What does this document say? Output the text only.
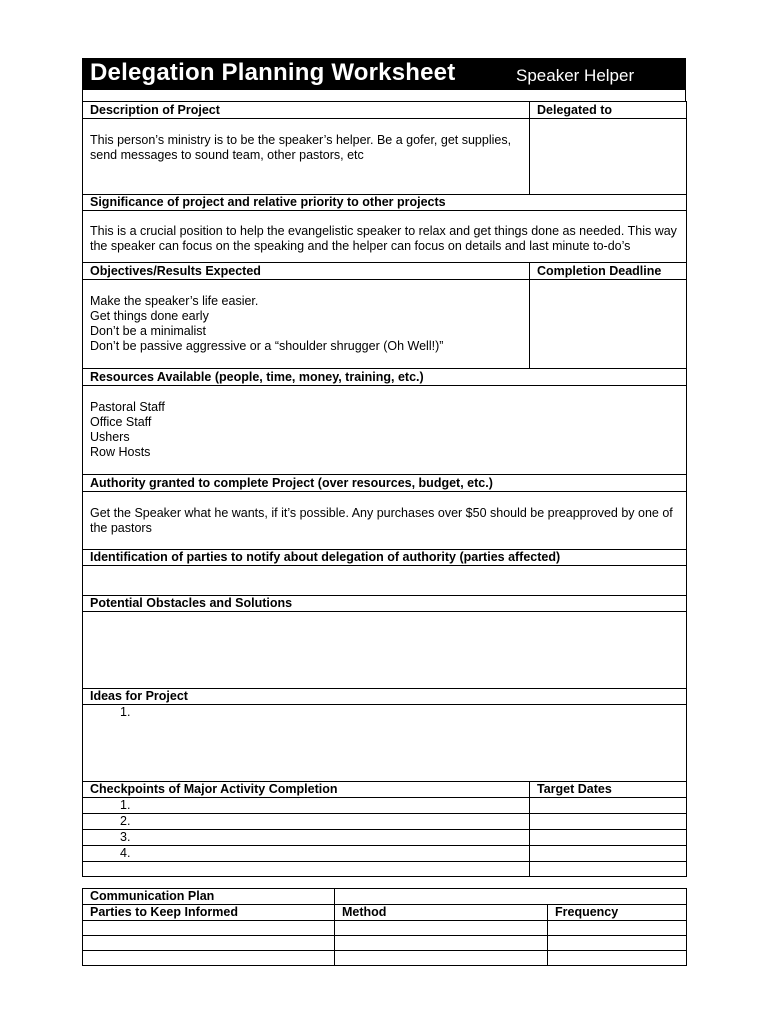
Delegation Planning Worksheet	Speaker Helper
Description of Project	Delegated to
This person’s ministry is to be the speaker’s helper. Be a gofer, get supplies, send messages to sound team, other pastors, etc	
Significance of project and relative priority to other projects	
This is a crucial position to help the evangelistic speaker to relax and get things done as needed. This way the speaker can focus on the speaking and the helper can focus on details and last minute to-do’s	
Objectives/Results Expected	Completion Deadline

Make the speaker’s life easier.
Get things done early
Don’t be a minimalist
Don’t be passive aggressive or a “shoulder shrugger (Oh Well!)”	

Resources Available (people, time, money, training, etc.)	

Pastoral Staff
Office Staff
Ushers
Row Hosts	

Authority granted to complete Project (over resources, budget, etc.)	
Get the Speaker what he wants, if it’s possible. Any purchases over $50 should be preapproved by one of the pastors	
Identification of parties to notify about delegation of authority (parties affected)	

Potential Obstacles and Solutions	

Ideas for Project	

1.	

Checkpoints of Major Activity Completion	Target Dates

1.	

2.	

3.	

4.	

Communication Plan		
Parties to Keep Informed	Method	Frequency
